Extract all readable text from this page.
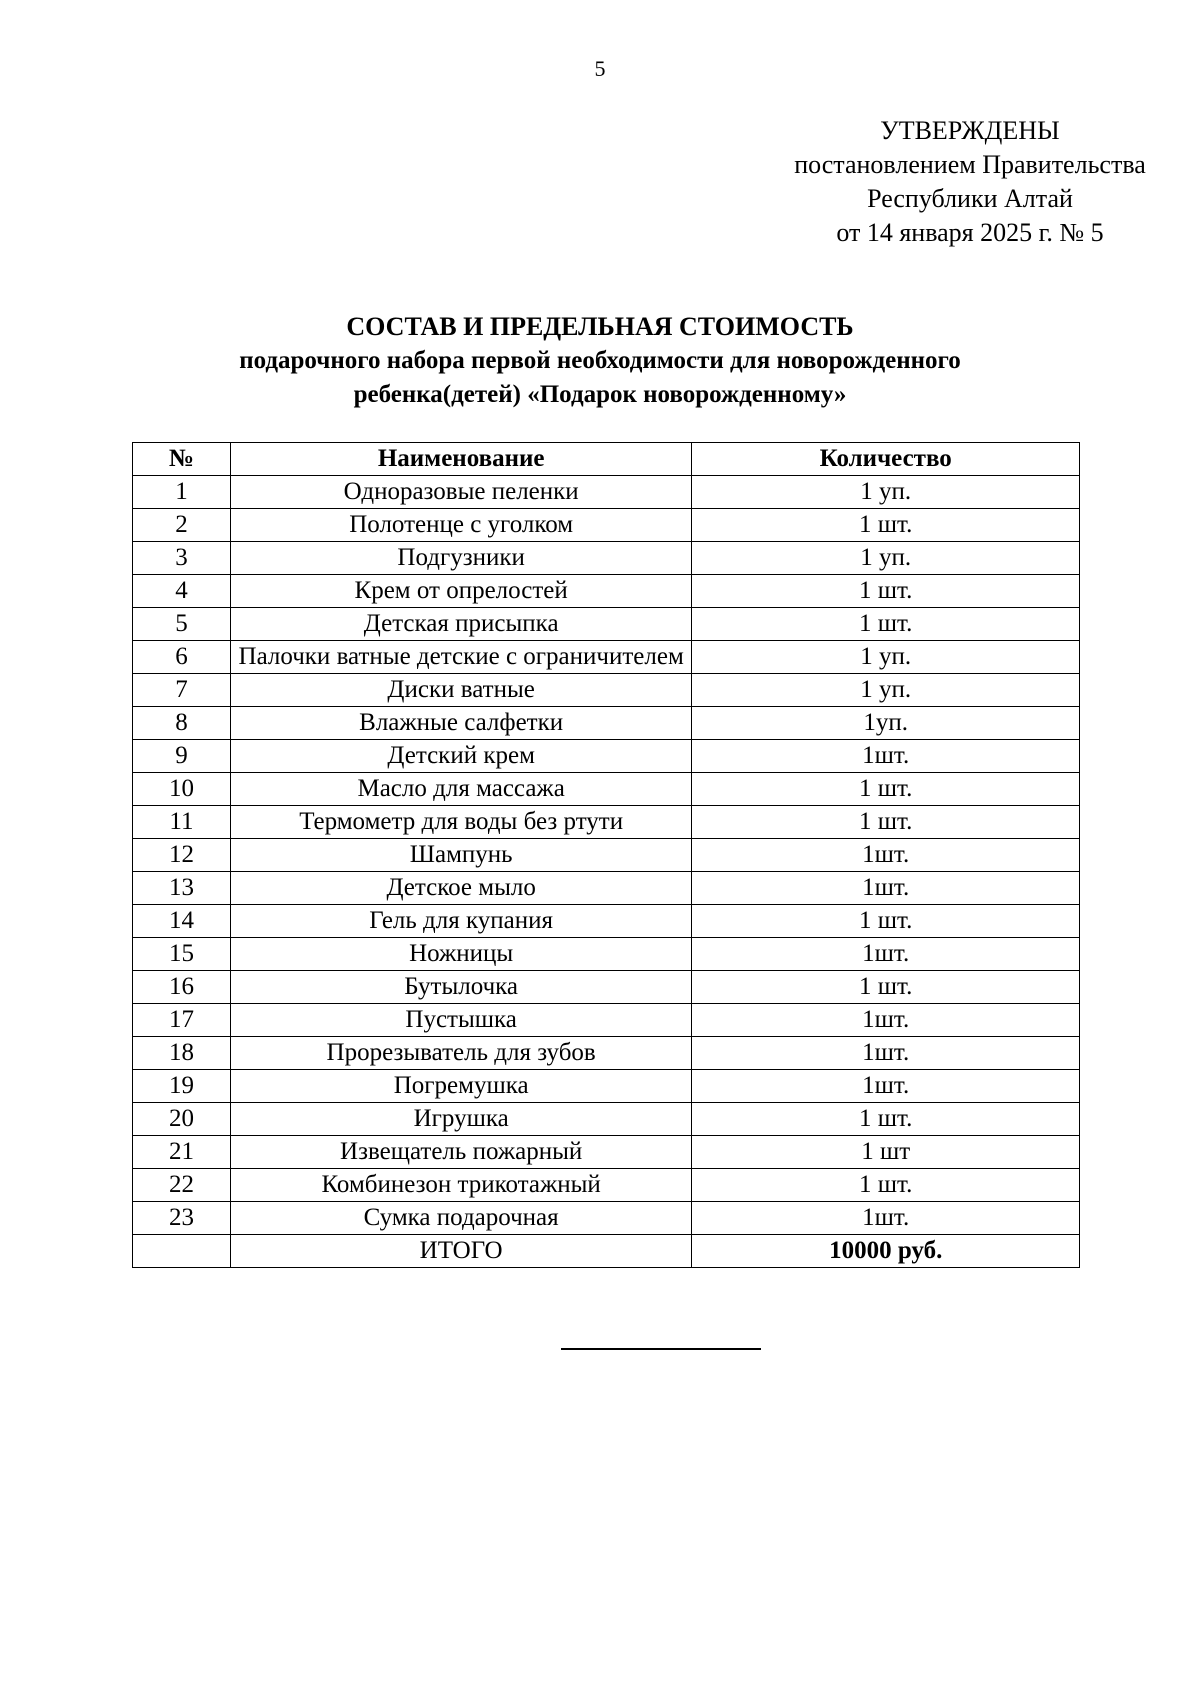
5
УТВЕРЖДЕНЫ
постановлением Правительства
Республики Алтай
от 14 января 2025 г. № 5
СОСТАВ И ПРЕДЕЛЬНАЯ СТОИМОСТЬ
подарочного набора первой необходимости для новорожденного
ребенка(детей) «Подарок новорожденному»
№	Наименование	Количество
1	Одноразовые пеленки	1 уп.
2	Полотенце с уголком	1 шт.
3	Подгузники	1 уп.
4	Крем от опрелостей	1 шт.
5	Детская присыпка	1 шт.
6	Палочки ватные детские с ограничителем	1 уп.
7	Диски ватные	1 уп.
8	Влажные салфетки	1уп.
9	Детский крем	1шт.
10	Масло для массажа	1 шт.
11	Термометр для воды без ртути	1 шт.
12	Шампунь	1шт.
13	Детское мыло	1шт.
14	Гель для купания	1 шт.
15	Ножницы	1шт.
16	Бутылочка	1 шт.
17	Пустышка	1шт.
18	Прорезыватель для зубов	1шт.
19	Погремушка	1шт.
20	Игрушка	1 шт.
21	Извещатель пожарный	1 шт
22	Комбинезон трикотажный	1 шт.
23	Сумка подарочная	1шт.
	ИТОГО	10000 руб.
